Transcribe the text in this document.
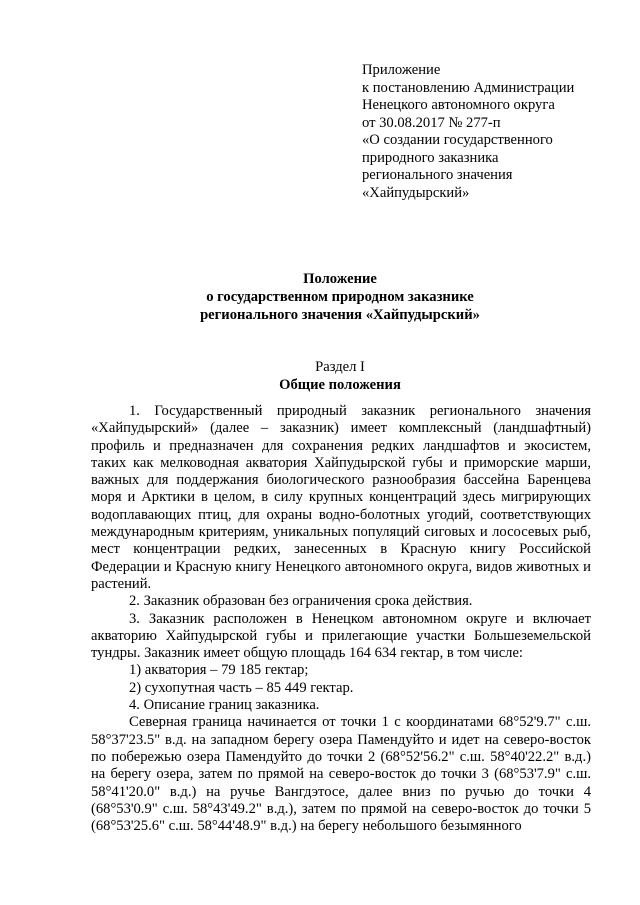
Приложение
к постановлению Администрации
Ненецкого автономного округа
от 30.08.2017 № 277-п
«О создании государственного
природного заказника
регионального значения
«Хайпудырский»
Положение
о государственном природном заказнике
регионального значения «Хайпудырский»
Раздел I
Общие положения

1. Государственный природный заказник регионального значения «Хайпудырский» (далее – заказник) имеет комплексный (ландшафтный) профиль и предназначен для сохранения редких ландшафтов и экосистем, таких как мелководная акватория Хайпудырской губы и приморские марши, важных для поддержания биологического разнообразия бассейна Баренцева моря и Арктики в целом, в силу крупных концентраций здесь мигрирующих водоплавающих птиц, для охраны водно-болотных угодий, соответствующих международным критериям, уникальных популяций сиговых и лососевых рыб, мест концентрации редких, занесенных в Красную книгу Российской Федерации и Красную книгу Ненецкого автономного округа, видов животных и растений.

2. Заказник образован без ограничения срока действия.

3. Заказник расположен в Ненецком автономном округе и включает акваторию Хайпудырской губы и прилегающие участки Большеземельской тундры. Заказник имеет общую площадь 164 634 гектар, в том числе:

1) акватория – 79 185 гектар;

2) сухопутная часть – 85 449 гектар.

4. Описание границ заказника.

Северная граница начинается от точки 1 с координатами 68°52'9.7" с.ш. 58°37'23.5" в.д. на западном берегу озера Памендуйто и идет на северо-восток по побережью озера Памендуйто до точки 2 (68°52'56.2" с.ш. 58°40'22.2" в.д.) на берегу озера, затем по прямой на северо-восток до точки 3 (68°53'7.9" с.ш. 58°41'20.0" в.д.) на ручье Вангдэтосе, далее вниз по ручью до точки 4 (68°53'0.9" с.ш. 58°43'49.2" в.д.), затем по прямой на северо-восток до точки 5 (68°53'25.6" с.ш. 58°44'48.9" в.д.) на берегу небольшого безымянного
